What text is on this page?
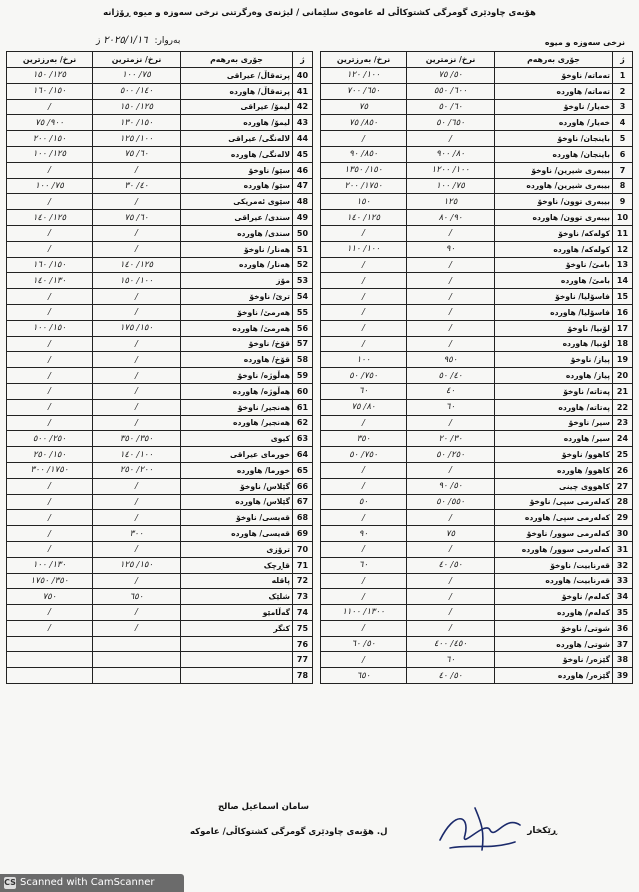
هۆبەی چاودێری گومرگی کشتوکاڵی لە عاموەی سلێمانی / لیژنەی وەرگرتنی نرخی سەوزە و میوە ڕۆژانە
نرخی سەوزە و میوە
بەروار: ٢٠٢٥/١/١٦ ز
ژ	جۆری بەرهەم	نرخ/ نزمترین	نرخ/ بەرزترین
1	تەماتە/ ناوخۆ	٥٠/ ٧٥	١٠٠/ ١٢٠
2	تەماتە/ هاوردە	٦٠٠/ ٥٥٠	٦٥٠/ ٧٠٠
3	خەیار/ ناوخۆ	٦٠/ ٥٠	٧٥
4	خەیار/ هاوردە	٦٥٠/ ٥٠	٨٥٠/ ٧٥
5	باینجان/ ناوخۆ	/	/
6	باینجان/ هاوردە	٨٠/ ٩٠٠	٨٥٠/ ٩٠
7	بیبەری شیرین/ ناوخۆ	١٠٠/ ١٢٠٠	١٥٠/ ١٣٥٠
8	بیبەری شیرین/ هاوردە	٧٥/ ١٠٠	١٧٥٠/ ٢٠٠
9	بیبەری توون/ ناوخۆ	١٢٥	١٥٠
10	بیبەری توون/ هاوردە	٩٠/ ٨٠	١٢٥/ ١٤٠
11	کولەکە/ ناوخۆ	/	/
12	کولەکە/ هاوردە	٩٠	١٠٠/ ١١٠
13	بامێ/ ناوخۆ	/	/
14	بامێ/ هاوردە	/	/
15	فاسۆلیا/ ناوخۆ	/	/
16	فاسۆلیا/ هاوردە	/	/
17	لۆبیا/ ناوخۆ	/	/
18	لۆبیا/ هاوردە	/	/
19	پیاز/ ناوخۆ	٩٥٠	١٠٠
20	پیاز/ هاوردە	٤٠/ ٥٠	٧٥٠/ ٥٠
21	پەتاتە/ ناوخۆ	٤٠	٦٠
22	پەتاتە/ هاوردە	٦٠	٨٠/ ٧٥
23	سیر/ ناوخۆ	/	/
24	سیر/ هاوردە	٣٠/ ٢٠	٣٥٠
25	کاهوو/ ناوخۆ	٢٥٠/ ٥٠	٧٥٠/ ٥٠
26	کاهوو/ هاوردە	/	/
27	کاهووی چینی	٥٠/ ٩٠	/
28	کەلەرمی سپی/ ناوخۆ	٥٥٠/ ٥٠	٥٠
29	کەلەرمی سپی/ هاوردە	/	/
30	کەلەرمی سوور/ ناوخۆ	٧٥	٩٠
31	کەلەرمی سوور/ هاوردە	/	/
32	قەرنابیت/ ناوخۆ	٥٠/ ٤٠	٦٠
33	قەرنابیت/ هاوردە	/	/
34	کەلەم/ ناوخۆ	/	/
35	کەلەم/ هاوردە	/	١٣٠٠/ ١١٠٠
36	شوتی/ ناوخۆ	/	/
37	شوتی/ هاوردە	٤٥٠/ ٤٠٠	٥٠/ ٦٠
38	گێزەر/ ناوخۆ	٦٠	/
39	گێزەر/ هاوردە	٥٠/ ٤٠	٦٥٠
ژ	جۆری بەرهەم	نرخ/ نزمترین	نرخ/ بەرزترین
40	پرتەقاڵ/ عیراقی	٧٥/ ١٠٠	١٢٥/ ١٥٠
41	پرتەقاڵ/ هاوردە	١٤٠/ ٥٠٠	١٥٠/ ١٦٠
42	لیمۆ/ عیراقی	١٢٥/ ١٥٠	/
43	لیمۆ/ هاوردە	١٥٠/ ١٣٠	٩٠٠/ ٧٥
44	لالەنگی/ عیراقی	١٠٠/ ١٢٥	١٥٠/ ٢٠٠
45	لالەنگی/ هاوردە	٦٠/ ٧٥	١٢٥/ ١٠٠
46	سێو/ ناوخۆ	/	/
47	سێو/ هاوردە	٤٠/ ٣٠	٧٥/ ١٠٠
48	سێوی ئەمریکی	/	/
49	سندی/ عیراقی	٦٠/ ٧٥	١٢٥/ ١٤٠
50	سندی/ هاوردە	/	/
51	هەنار/ ناوخۆ	/	/
52	هەنار/ هاوردە	١٢٥/ ١٤٠	١٥٠/ ١٦٠
53	مۆز	١٠٠/ ١٥٠	١٣٠/ ١٤٠
54	ترێ/ ناوخۆ	/	/
55	هەرمێ/ ناوخۆ	/	/
56	هەرمێ/ هاوردە	١٥٠/ ١٧٥	١٥٠/ ١٠٠
57	قۆخ/ ناوخۆ	/	/
58	قۆخ/ هاوردە	/	/
59	هەڵوژە/ ناوخۆ	/	/
60	هەڵوژە/ هاوردە	/	/
61	هەنجیر/ ناوخۆ	/	/
62	هەنجیر/ هاوردە	/	/
63	کیوی	٣٥٠/ ٣٥٠	٢٥٠/ ٥٠٠
64	خورمای عیراقی	١٠٠/ ١٤٠	١٥٠/ ٢٥٠
65	خورما/ هاوردە	٢٠٠/ ٢٥٠	١٧٥٠/ ٣٠٠
66	گێلاس/ ناوخۆ	/	/
67	گێلاس/ هاوردە	/	/
68	قەیسی/ ناوخۆ	/	/
69	قەیسی/ هاوردە	٣٠٠	/
70	ترۆزی	/	/
71	قاڕچک	١٥٠/ ١٢٥	١٣٠/ ١٠٠
72	پاقلە	/	٣٥٠/ ١٧٥٠
73	شلێک	٦٥٠	٧٥٠
74	گەڵامێو	/	/
75	کنگر	/	/
76			
77			
78			
سامان اسماعیل صالح
ل. هۆبەی چاودێری گومرگی کشتوکاڵی/ عاموکە	ڕێکخار
CS Scanned with CamScanner
